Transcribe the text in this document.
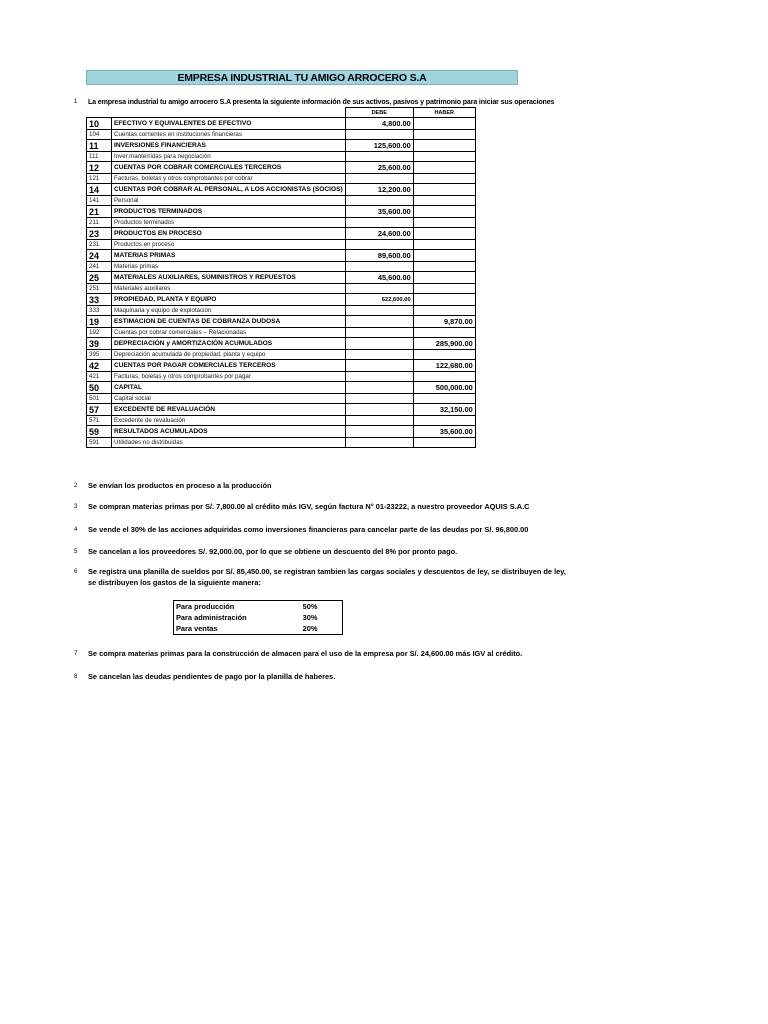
EMPRESA INDUSTRIAL TU AMIGO ARROCERO S.A
1	La empresa industrial tu amigo arrocero S.A presenta la siguiente información de sus activos, pasivos y patrimonio para iniciar sus operaciones
		DEBE	HABER
10	EFECTIVO Y EQUIVALENTES DE EFECTIVO	4,800.00	
104	Cuentas corrientes en instituciones financieras		
11	INVERSIONES FINANCIERAS	125,600.00	
111	Inver.manterridas para negociación		
12	CUENTAS POR COBRAR COMERCIALES TERCEROS	25,600.00	
121	Facturas, boletas y otros comprobantes por cobrar		
14	CUENTAS POR COBRAR AL PERSONAL, A LOS ACCIONISTAS (SOCIOS)	12,200.00	
141	Personal		
21	PRODUCTOS TERMINADOS	35,600.00	
211	Productos terminados		
23	PRODUCTOS EN PROCESO	24,600.00	
231	Productos en proceso		
24	MATERIAS PRIMAS	89,600.00	
241	Materias primas		
25	MATERIALES AUXILIARES, SUMINISTROS Y REPUESTOS	45,600.00	
251	Materiales auxiliares		
33	PROPIEDAD, PLANTA Y EQUIPO	622,600.00	
333	Maquinaria y equipo de explotación		
19	ESTIMACION DE CUENTAS DE COBRANZA DUDOSA		9,870.00
192	Cuentas por cobrar comerciales – Relacionadas		
39	DEPRECIACIÓN y AMORTIZACIÓN ACUMULADOS		285,900.00
395	Depreciación acumulada de propiedad, planta y equipo		
42	CUENTAS POR PAGAR COMERCIALES TERCEROS		122,680.00
421	Facturas, boletas y otros comprobantes por pagar		
50	CAPITAL		500,000.00
501	Capital social		
57	EXCEDENTE DE REVALUACIÓN		32,150.00
571	Excedente de revaluación		
59	RESULTADOS ACUMULADOS		35,600.00
591	Utilidades no distribuidas		
2	Se envían los productos en proceso a la producción
3	Se compran materias primas por S/. 7,800.00 al crédito más IGV, según factura N° 01-23222, a nuestro proveedor AQUIS S.A.C
4	Se vende el 30% de las acciones adquiridas como inversiones financieras para cancelar parte de las deudas por S/. 96,800.00
5	Se cancelan a los proveedores S/. 92,000.00, por lo que se obtiene un descuento del 8% por pronto pago.
6	Se registra una planilla de sueldos por S/. 85,450.00, se registran tambien las cargas sociales y descuentos de ley, se distribuyen de ley,
se distribuyen los gastos de la siguiente manera:
Para producción	50%
Para administración	30%
Para ventas	20%
7	Se compra materias primas para la construcción de almacen para el uso de la empresa por S/. 24,600.00 más IGV al crédito.
8	Se cancelan las deudas pendientes de pago por la planilla de haberes.
